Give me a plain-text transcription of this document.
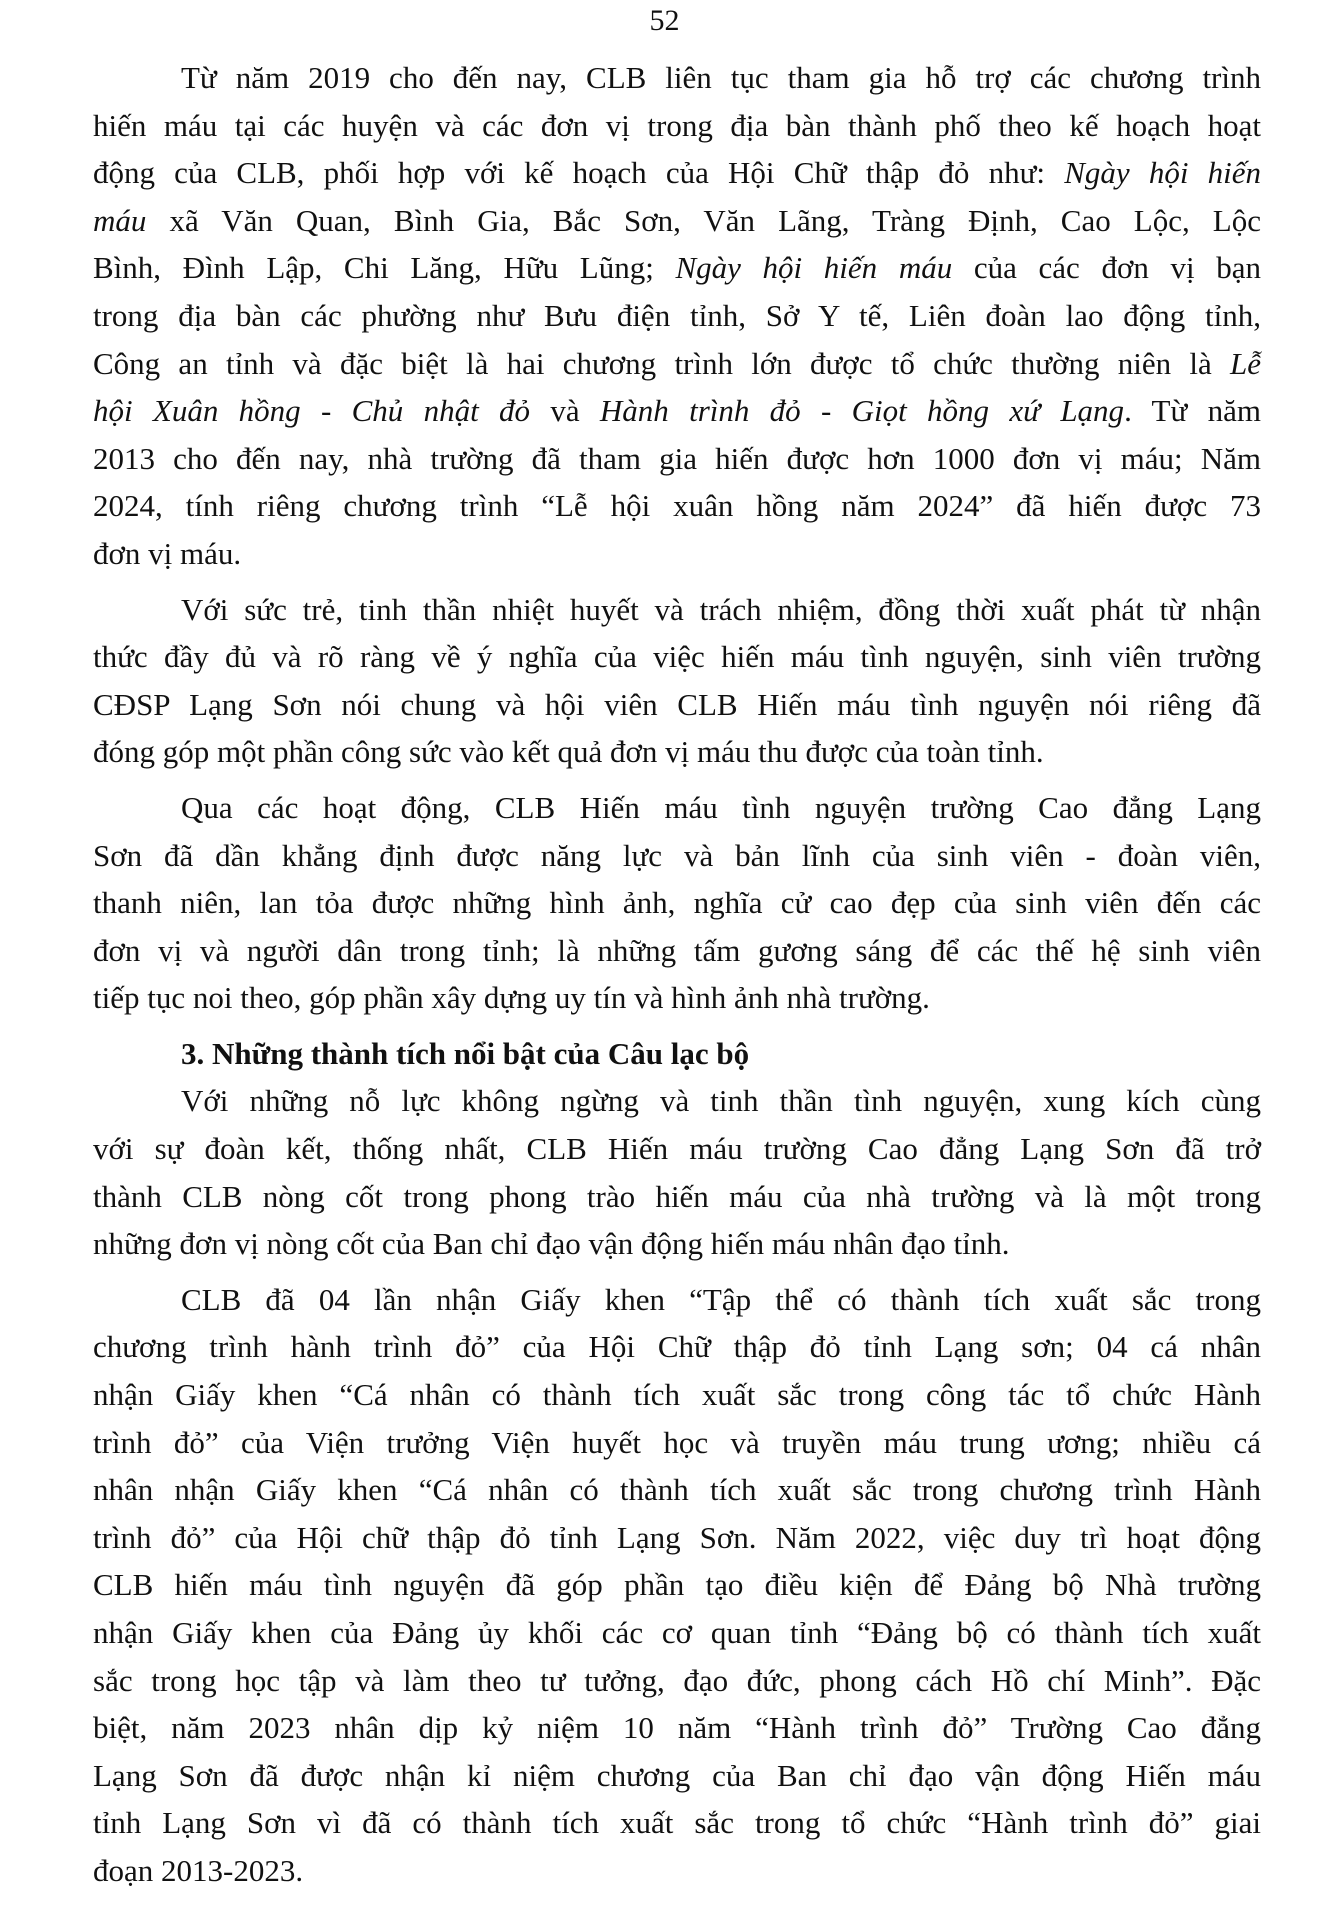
52
Từ năm 2019 cho đến nay, CLB liên tục tham gia hỗ trợ các chương trình
hiến máu tại các huyện và các đơn vị trong địa bàn thành phố theo kế hoạch hoạt
động của CLB, phối hợp với kế hoạch của Hội Chữ thập đỏ như: Ngày hội hiến
máu xã Văn Quan, Bình Gia, Bắc Sơn, Văn Lãng, Tràng Định, Cao Lộc, Lộc
Bình, Đình Lập, Chi Lăng, Hữu Lũng; Ngày hội hiến máu của các đơn vị bạn
trong địa bàn các phường như Bưu điện tỉnh, Sở Y tế, Liên đoàn lao động tỉnh,
Công an tỉnh và đặc biệt là hai chương trình lớn được tổ chức thường niên là Lễ
hội Xuân hồng - Chủ nhật đỏ và Hành trình đỏ - Giọt hồng xứ Lạng. Từ năm
2013 cho đến nay, nhà trường đã tham gia hiến được hơn 1000 đơn vị máu; Năm
2024, tính riêng chương trình “Lễ hội xuân hồng năm 2024” đã hiến được 73
đơn vị máu.
Với sức trẻ, tinh thần nhiệt huyết và trách nhiệm, đồng thời xuất phát từ nhận
thức đầy đủ và rõ ràng về ý nghĩa của việc hiến máu tình nguyện, sinh viên trường
CĐSP Lạng Sơn nói chung và hội viên CLB Hiến máu tình nguyện nói riêng đã
đóng góp một phần công sức vào kết quả đơn vị máu thu được của toàn tỉnh.
Qua các hoạt động, CLB Hiến máu tình nguyện trường Cao đẳng Lạng
Sơn đã dần khẳng định được năng lực và bản lĩnh của sinh viên - đoàn viên,
thanh niên, lan tỏa được những hình ảnh, nghĩa cử cao đẹp của sinh viên đến các
đơn vị và người dân trong tỉnh; là những tấm gương sáng để các thế hệ sinh viên
tiếp tục noi theo, góp phần xây dựng uy tín và hình ảnh nhà trường.
3. Những thành tích nổi bật của Câu lạc bộ
Với những nỗ lực không ngừng và tinh thần tình nguyện, xung kích cùng
với sự đoàn kết, thống nhất, CLB Hiến máu trường Cao đẳng Lạng Sơn đã trở
thành CLB nòng cốt trong phong trào hiến máu của nhà trường và là một trong
những đơn vị nòng cốt của Ban chỉ đạo vận động hiến máu nhân đạo tỉnh.
CLB đã 04 lần nhận Giấy khen “Tập thể có thành tích xuất sắc trong
chương trình hành trình đỏ” của Hội Chữ thập đỏ tỉnh Lạng sơn; 04 cá nhân
nhận Giấy khen “Cá nhân có thành tích xuất sắc trong công tác tổ chức Hành
trình đỏ” của Viện trưởng Viện huyết học và truyền máu trung ương; nhiều cá
nhân nhận Giấy khen “Cá nhân có thành tích xuất sắc trong chương trình Hành
trình đỏ” của Hội chữ thập đỏ tỉnh Lạng Sơn. Năm 2022, việc duy trì hoạt động
CLB hiến máu tình nguyện đã góp phần tạo điều kiện để Đảng bộ Nhà trường
nhận Giấy khen của Đảng ủy khối các cơ quan tỉnh “Đảng bộ có thành tích xuất
sắc trong học tập và làm theo tư tưởng, đạo đức, phong cách Hồ chí Minh”. Đặc
biệt, năm 2023 nhân dịp kỷ niệm 10 năm “Hành trình đỏ” Trường Cao đẳng
Lạng Sơn đã được nhận kỉ niệm chương của Ban chỉ đạo vận động Hiến máu
tỉnh Lạng Sơn vì đã có thành tích xuất sắc trong tổ chức “Hành trình đỏ” giai
đoạn 2013-2023.
